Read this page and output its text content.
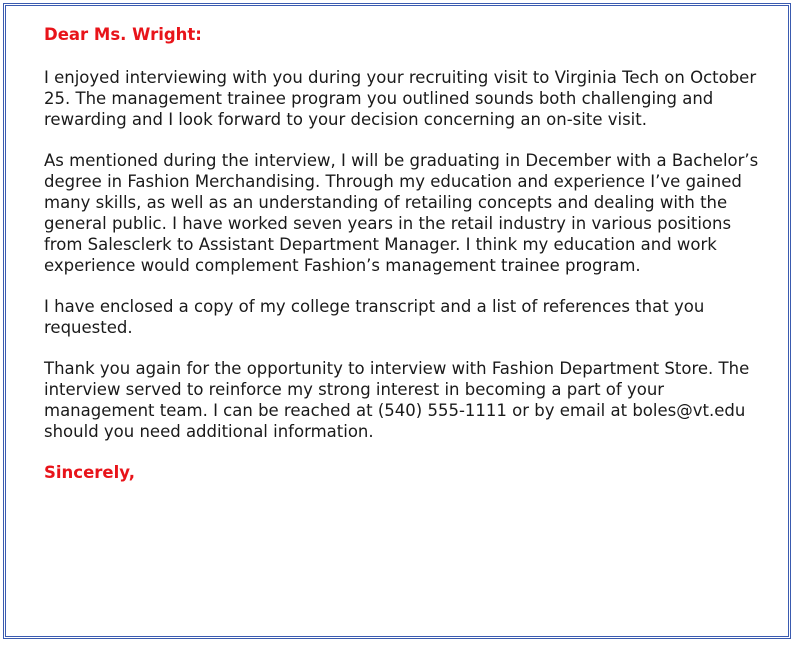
Dear Ms. Wright:

I enjoyed interviewing with you during your recruiting visit to Virginia Tech on October 25. The management trainee program you outlined sounds both challenging and rewarding and I look forward to your decision concerning an on-site visit.

As mentioned during the interview, I will be graduating in December with a Bachelor’s degree in Fashion Merchandising. Through my education and experience I’ve gained many skills, as well as an understanding of retailing concepts and dealing with the general public. I have worked seven years in the retail industry in various positions from Salesclerk to Assistant Department Manager. I think my education and work experience would complement Fashion’s management trainee program.

I have enclosed a copy of my college transcript and a list of references that you requested.

Thank you again for the opportunity to interview with Fashion Department Store. The interview served to reinforce my strong interest in becoming a part of your management team. I can be reached at (540) 555-1111 or by email at boles@vt.edu should you need additional information.

Sincerely,
